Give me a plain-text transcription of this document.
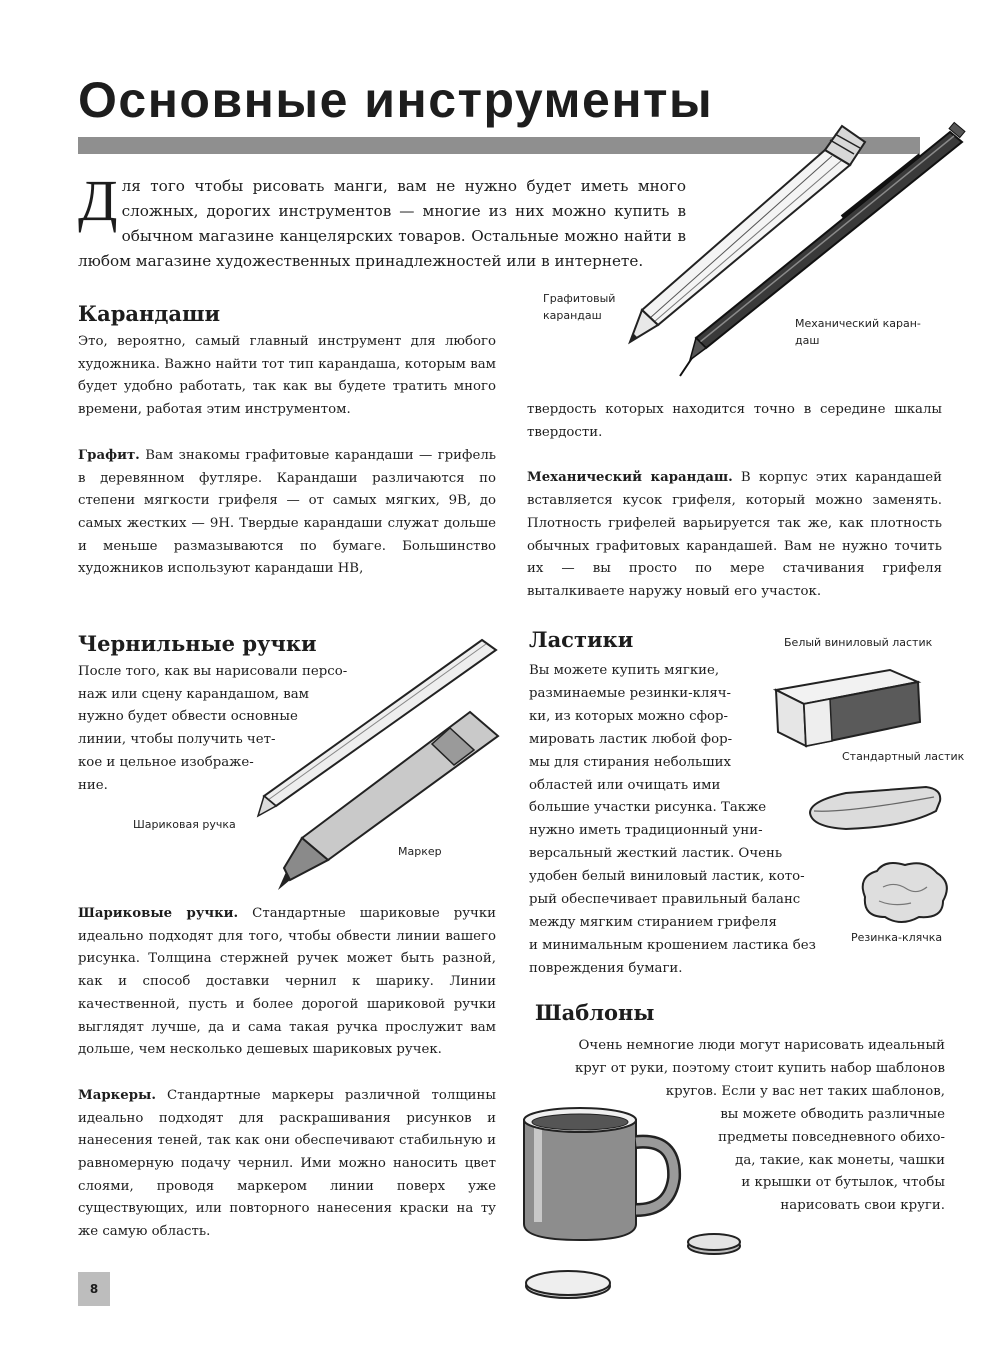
Основные инструменты
Для того чтобы рисовать манги, вам не нужно будет иметь много сложных, дорогих инструментов — многие из них можно купить в обычном магазине канцелярских товаров. Остальные можно найти в любом магазине художественных принадлежностей или в интернете.
Графитовый
карандаш
Механический каран-
даш
Карандаши

Это, вероятно, самый главный инструмент для любого художника. Важно найти тот тип карандаша, которым вам будет удобно работать, так как вы будете тратить много времени, работая этим инструментом.

Графит. Вам знакомы графитовые карандаши — грифель в деревянном футляре. Карандаши различаются по степени мягкости грифеля — от самых мягких, 9В, до самых жестких — 9Н. Твердые карандаши служат дольше и меньше размазываются по бумаге. Большинство художников используют карандаши НВ,

твердость которых находится точно в середине шкалы твердости.

Механический карандаш. В корпус этих карандашей вставляется кусок грифеля, который можно заменять. Плотность грифелей варьируется так же, как плотность обычных графитовых карандашей. Вам не нужно точить их — вы просто по мере стачивания грифеля выталкиваете наружу новый его участок.

Чернильные ручки
После того, как вы нарисовали персо-
наж или сцену карандашом, вам
нужно будет обвести основные
линии, чтобы получить чет-
кое и цельное изображе-
ние.
Шариковая ручка
Маркер

Шариковые ручки. Стандартные шариковые ручки идеально подходят для того, чтобы обвести линии вашего рисунка. Толщина стержней ручек может быть разной, как и способ доставки чернил к шарику. Линии качественной, пусть и более дорогой шариковой ручки выглядят лучше, да и сама такая ручка прослужит вам дольше, чем несколько дешевых шариковых ручек.

Маркеры. Стандартные маркеры различной толщины идеально подходят для раскрашивания рисунков и нанесения теней, так как они обеспечивают стабильную и равномерную подачу чернил. Ими можно наносить цвет слоями, проводя маркером линии поверх уже существующих, или повторного нанесения краски на ту же самую область.

Ластики
Вы можете купить мягкие,
разминаемые резинки-кляч-
ки, из которых можно сфор-
мировать ластик любой фор-
мы для стирания небольших
областей или очищать ими
большие участки рисунка. Также
нужно иметь традиционный уни-
версальный жесткий ластик. Очень
удобен белый виниловый ластик, кото-
рый обеспечивает правильный баланс
между мягким стиранием грифеля
и минимальным крошением ластика без
повреждения бумаги.
Белый виниловый ластик
Стандартный ластик
Резинка-клячка
Шаблоны
Очень немногие люди могут нарисовать идеальный
круг от руки, поэтому стоит купить набор шаблонов
кругов. Если у вас нет таких шаблонов,
вы можете обводить различные
предметы повседневного обихо-
да, такие, как монеты, чашки
и крышки от бутылок, чтобы
нарисовать свои круги.
8
